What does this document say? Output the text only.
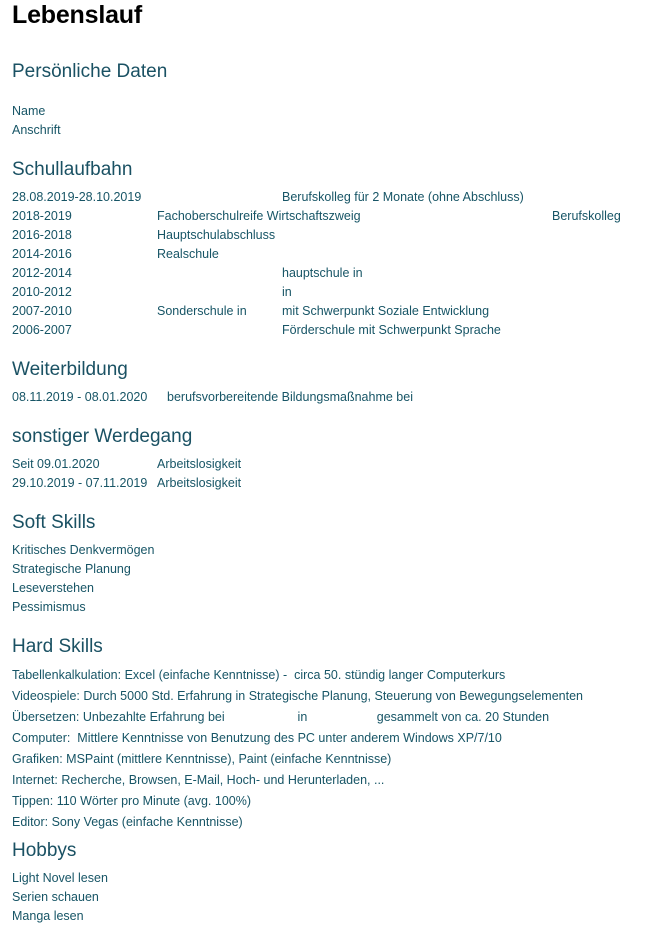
Lebenslauf
Persönliche Daten
Name
Anschrift
Schullaufbahn
28.08.2019-28.10.2019	Berufskolleg für 2 Monate (ohne Abschluss)
2018-2019	Fachoberschulreife Wirtschaftszweig	Berufskolleg
2016-2018	Hauptschulabschluss
2014-2016	Realschule
2012-2014	hauptschule in
2010-2012	in
2007-2010	Sonderschule in	mit Schwerpunkt Soziale Entwicklung
2006-2007	Förderschule mit Schwerpunkt Sprache
Weiterbildung
08.11.2019 - 08.01.2020	berufsvorbereitende Bildungsmaßnahme bei
sonstiger Werdegang
Seit 09.01.2020	Arbeitslosigkeit
29.10.2019 - 07.11.2019 Arbeitslosigkeit
Soft Skills
Kritisches Denkvermögen
Strategische Planung
Leseverstehen
Pessimismus
Hard Skills
Tabellenkalkulation: Excel (einfache Kenntnisse) -  circa 50. stündig langer Computerkurs
Videospiele: Durch 5000 Std. Erfahrung in Strategische Planung, Steuerung von Bewegungselementen
Übersetzen: Unbezahlte Erfahrung bei                     in                    gesammelt von ca. 20 Stunden
Computer:  Mittlere Kenntnisse von Benutzung des PC unter anderem Windows XP/7/10
Grafiken: MSPaint (mittlere Kenntnisse), Paint (einfache Kenntnisse)
Internet: Recherche, Browsen, E-Mail, Hoch- und Herunterladen, ...
Tippen: 110 Wörter pro Minute (avg. 100%)
Editor: Sony Vegas (einfache Kenntnisse)
Hobbys
Light Novel lesen
Serien schauen
Manga lesen
